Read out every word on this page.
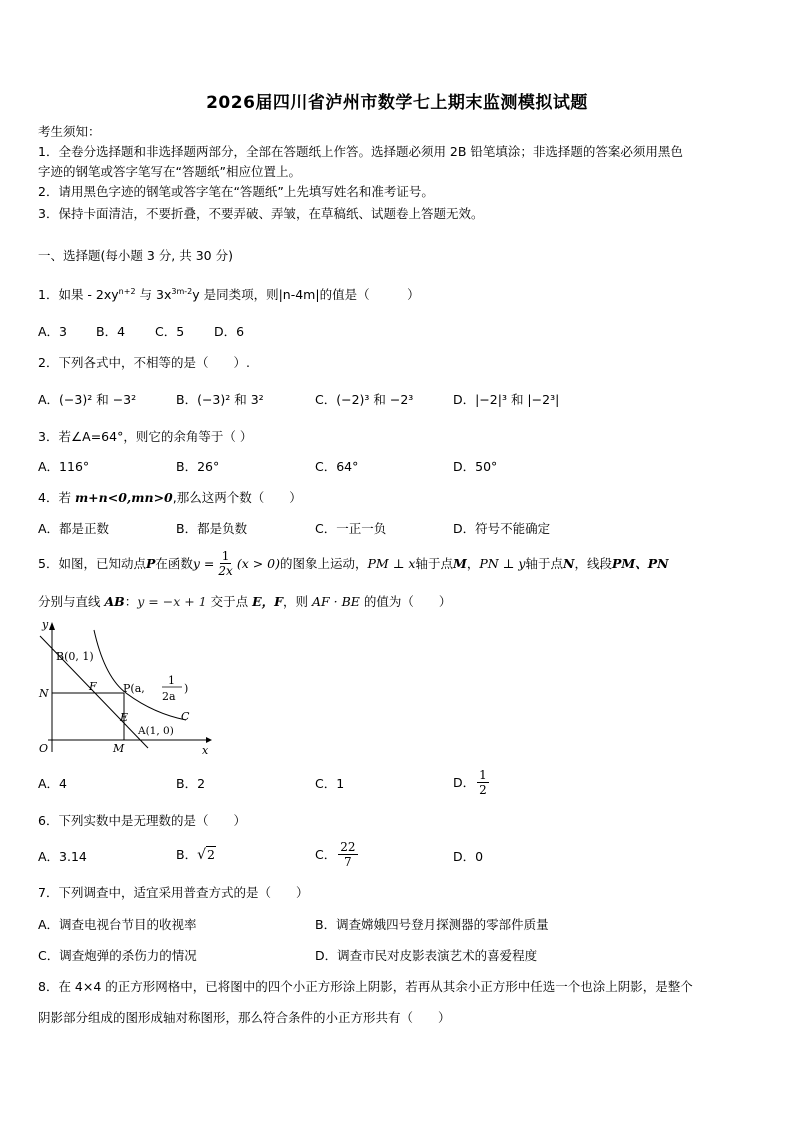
2026届四川省泸州市数学七上期末监测模拟试题
考生须知：
1．全卷分选择题和非选择题两部分，全部在答题纸上作答。选择题必须用 2B 铅笔填涂；非选择题的答案必须用黑色
字迹的钢笔或答字笔写在“答题纸”相应位置上。
2．请用黑色字迹的钢笔或答字笔在“答题纸”上先填写姓名和准考证号。
3．保持卡面清洁，不要折叠，不要弄破、弄皱，在草稿纸、试题卷上答题无效。
一、选择题(每小题 3 分, 共 30 分)
1．如果 - $2xy^{n+2}$ 与 $3x^{3m-2}y$ 是同类项，则|n-4m|的值是（　　　）
A．3 B．4 C．5 D．6
2．下列各式中，不相等的是（　　）.
A．(−3)² 和 −3²	B．(−3)² 和 3²	C．(−2)³ 和 −2³	D．|−2|³ 和 |−2³|
3．若∠A=64°，则它的余角等于（ ）
A．116°	B．26°	C．64°	D．50°
4．若 m+n<0,mn>0,那么这两个数（　　）
A．都是正数	B．都是负数	C．一正一负	D．符号不能确定
5．如图，已知动点 P 在函数 $y = \frac{1}{2x} (x > 0)$ 的图象上运动， PM ⊥ x 轴于点 M ， PN ⊥ y 轴于点 N ，线段 PM、PN
分别与直线 AB：y = −x + 1 交于点 E，F，则 AF · BE 的值为（　　）
y
x
O
B(0, 1)
N
F P(a,
1
2a
)
E	C
A(1, 0)
M
A．4	B．2	C．1	D． $\frac{1}{2}$
6．下列实数中是无理数的是（　　）
A．3.14	B．√2	C． $\frac{22}{7}$	D．0
7．下列调查中，适宜采用普查方式的是（　　）
A．调查电视台节目的收视率	B．调查嫦娥四号登月探测器的零部件质量
C．调查炮弹的杀伤力的情况	D．调查市民对皮影表演艺术的喜爱程度
8．在 4×4 的正方形网格中，已将图中的四个小正方形涂上阴影，若再从其余小正方形中任选一个也涂上阴影，是整个
阴影部分组成的图形成轴对称图形，那么符合条件的小正方形共有（　　）
